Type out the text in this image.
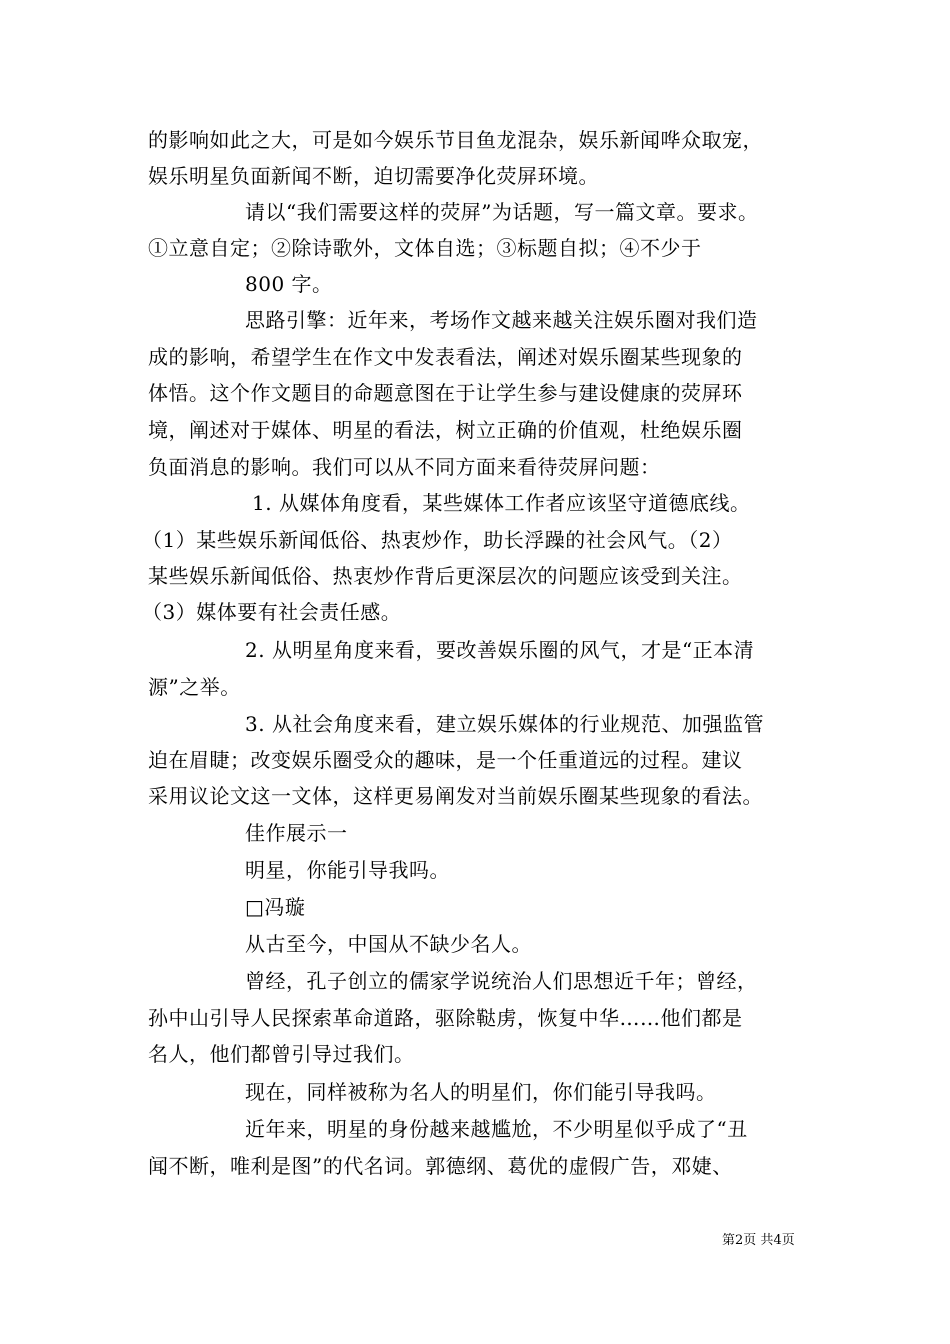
的影响如此之大，可是如今娱乐节目鱼龙混杂，娱乐新闻哗众取宠，
娱乐明星负面新闻不断，迫切需要净化荧屏环境。
请以“我们需要这样的荧屏”为话题，写一篇文章。要求。
①立意自定；②除诗歌外，文体自选；③标题自拟；④不少于
800 字。
思路引擎：近年来，考场作文越来越关注娱乐圈对我们造
成的影响，希望学生在作文中发表看法，阐述对娱乐圈某些现象的
体悟。这个作文题目的命题意图在于让学生参与建设健康的荧屏环
境，阐述对于媒体、明星的看法，树立正确的价值观，杜绝娱乐圈
负面消息的影响。我们可以从不同方面来看待荧屏问题：
1. 从媒体角度看，某些媒体工作者应该坚守道德底线。
（1）某些娱乐新闻低俗、热衷炒作，助长浮躁的社会风气。（2）
某些娱乐新闻低俗、热衷炒作背后更深层次的问题应该受到关注。
（3）媒体要有社会责任感。
2. 从明星角度来看，要改善娱乐圈的风气，才是“正本清
源”之举。
3. 从社会角度来看，建立娱乐媒体的行业规范、加强监管
迫在眉睫；改变娱乐圈受众的趣味，是一个任重道远的过程。建议
采用议论文这一文体，这样更易阐发对当前娱乐圈某些现象的看法。
佳作展示一
明星，你能引导我吗。
□冯璇
从古至今，中国从不缺少名人。
曾经，孔子创立的儒家学说统治人们思想近千年；曾经，
孙中山引导人民探索革命道路，驱除鞑虏，恢复中华……他们都是
名人，他们都曾引导过我们。
现在，同样被称为名人的明星们，你们能引导我吗。
近年来，明星的身份越来越尴尬，不少明星似乎成了“丑
闻不断，唯利是图”的代名词。郭德纲、葛优的虚假广告，邓婕、
第2页 共4页
